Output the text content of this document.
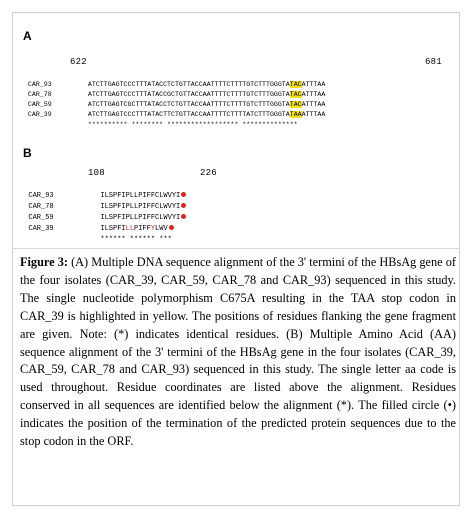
A
622	681

CAR_93	ATCTTGAGTCCCTTTATACCTCTGTTACCAATTTTCTTTTGTCTTTGGGTATACATTTAA

CAR_78	ATCTTGAGTCCCTTTATACCGCTGTTACCAATTTTCTTTTGTCTTTGGGTATACATTTAA

CAR_59	ATCTTGAGTCGCTTTATACCTCTGTTACCAATTTTCTTTTGTCTTTGGGTATACATTTAA

CAR_39	ATCTTGAGTCCCTTTATACTTCTGTTACCAATTTTCTTTTATCTTTGGGTATAAATTTAA

********** ******** ****************** **************

B
108	226

CAR_93	ILSPFIPLLPIFFCLWVYI

CAR_78	ILSPFIPLLPIFFCLWVYI

CAR_59	ILSPFIPLLPIFFCLWVYI

CAR_39	ILSPFILLPIFFYLWV

****** ****** ***

Figure 3: (A) Multiple DNA sequence alignment of the 3' termini of the HBsAg gene of the four isolates (CAR_39, CAR_59, CAR_78 and CAR_93) sequenced in this study. The single nucleotide polymorphism C675A resulting in the TAA stop codon in CAR_39 is highlighted in yellow. The positions of residues flanking the gene fragment are given. Note: (*) indicates identical residues. (B) Multiple Amino Acid (AA) sequence alignment of the 3' termini of the HBsAg gene in the four isolates (CAR_39, CAR_59, CAR_78 and CAR_93) sequenced in this study. The single letter aa code is used throughout. Residue coordinates are listed above the alignment. Residues conserved in all sequences are identified below the alignment (*). The filled circle (•) indicates the position of the termination of the predicted protein sequences due to the stop codon in the ORF.
